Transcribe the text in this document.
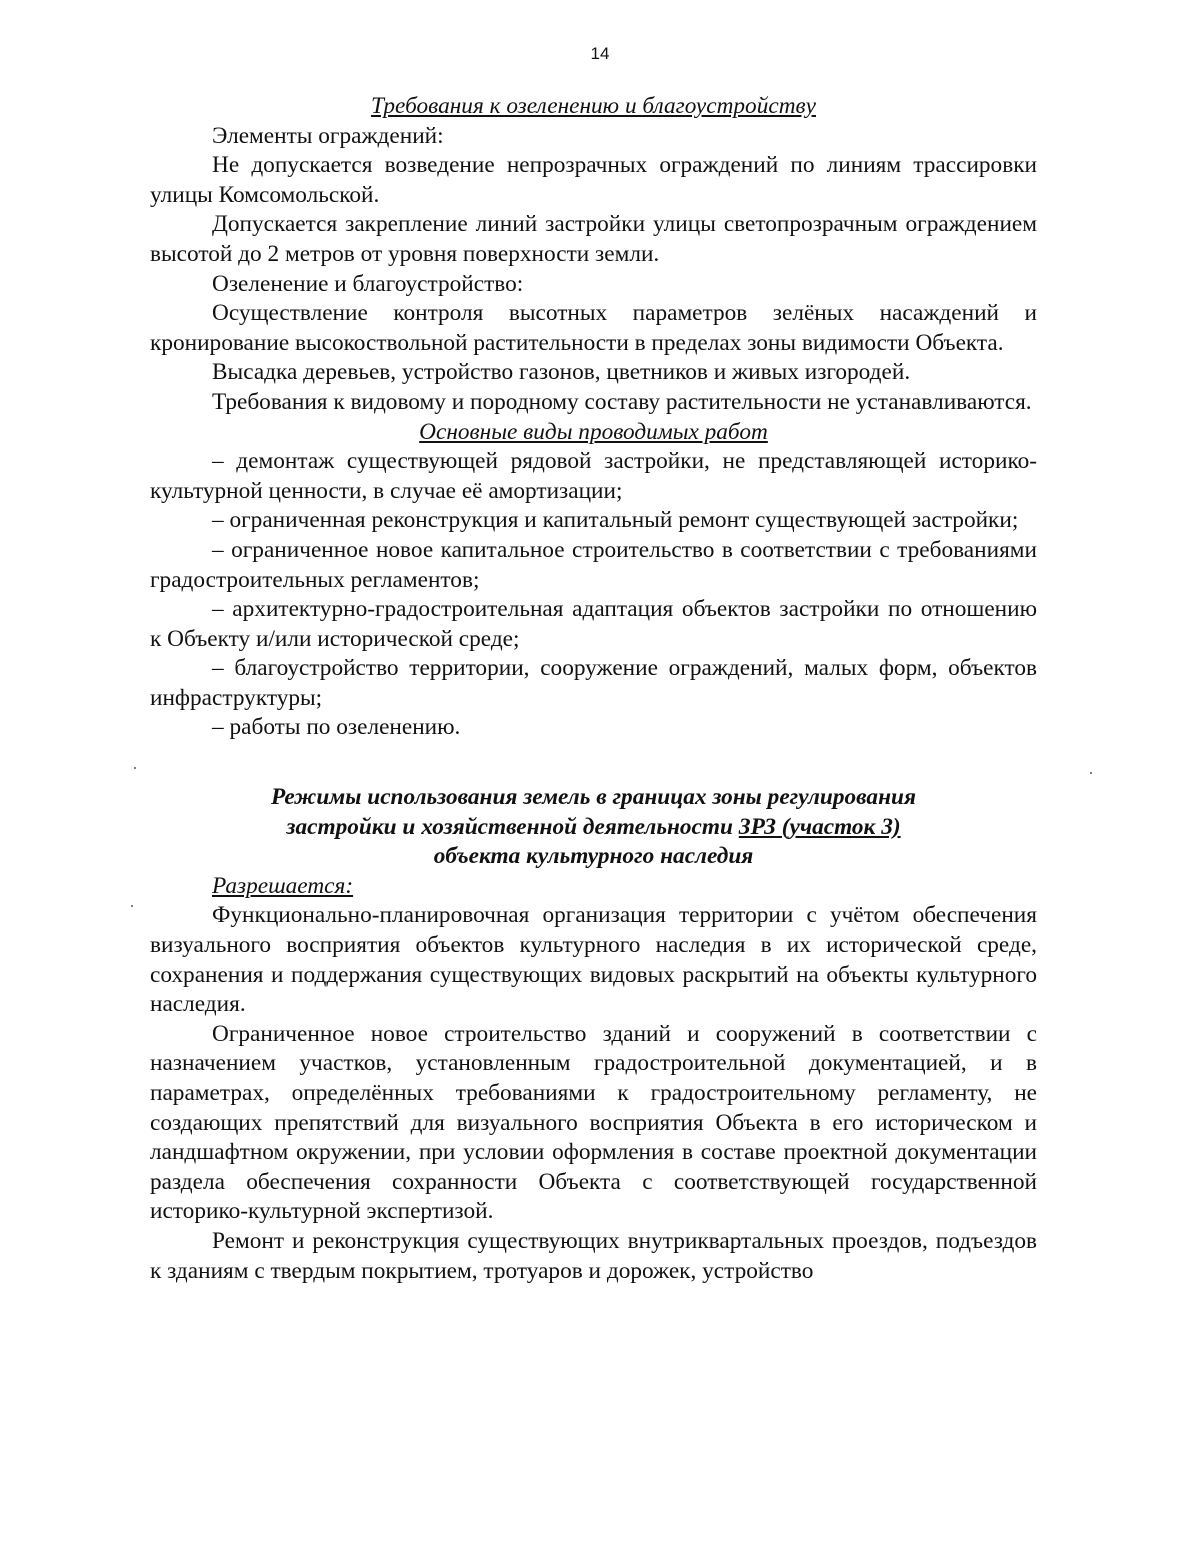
14

Требования к озеленению и благоустройству

Элементы ограждений:

Не допускается возведение непрозрачных ограждений по линиям трассировки улицы Комсомольской.

Допускается закрепление линий застройки улицы светопрозрачным ограждением высотой до 2 метров от уровня поверхности земли.

Озеленение и благоустройство:

Осуществление контроля высотных параметров зелёных насаждений и кронирование высокоствольной растительности в пределах зоны видимости Объекта.

Высадка деревьев, устройство газонов, цветников и живых изгородей.

Требования к видовому и породному составу растительности не устанавливаются.

Основные виды проводимых работ

– демонтаж существующей рядовой застройки, не представляющей историко-культурной ценности, в случае её амортизации;

– ограниченная реконструкция и капитальный ремонт существующей застройки;

– ограниченное новое капитальное строительство в соответствии с требованиями градостроительных регламентов;

– архитектурно-градостроительная адаптация объектов застройки по отношению к Объекту и/или исторической среде;

– благоустройство территории, сооружение ограждений, малых форм, объектов инфраструктуры;

– работы по озеленению.

Режимы использования земель в границах зоны регулирования

застройки и хозяйственной деятельности ЗРЗ (участок 3)

объекта культурного наследия

Разрешается:

Функционально-планировочная организация территории с учётом обеспечения визуального восприятия объектов культурного наследия в их исторической среде, сохранения и поддержания существующих видовых раскрытий на объекты культурного наследия.

Ограниченное новое строительство зданий и сооружений в соответствии с назначением участков, установленным градостроительной документацией, и в параметрах, определённых требованиями к градостроительному регламенту, не создающих препятствий для визуального восприятия Объекта в его историческом и ландшафтном окружении, при условии оформления в составе проектной документации раздела обеспечения сохранности Объекта с соответствующей государственной историко-культурной экспертизой.

Ремонт и реконструкция существующих внутриквартальных проездов, подъездов к зданиям с твердым покрытием, тротуаров и дорожек, устройство
